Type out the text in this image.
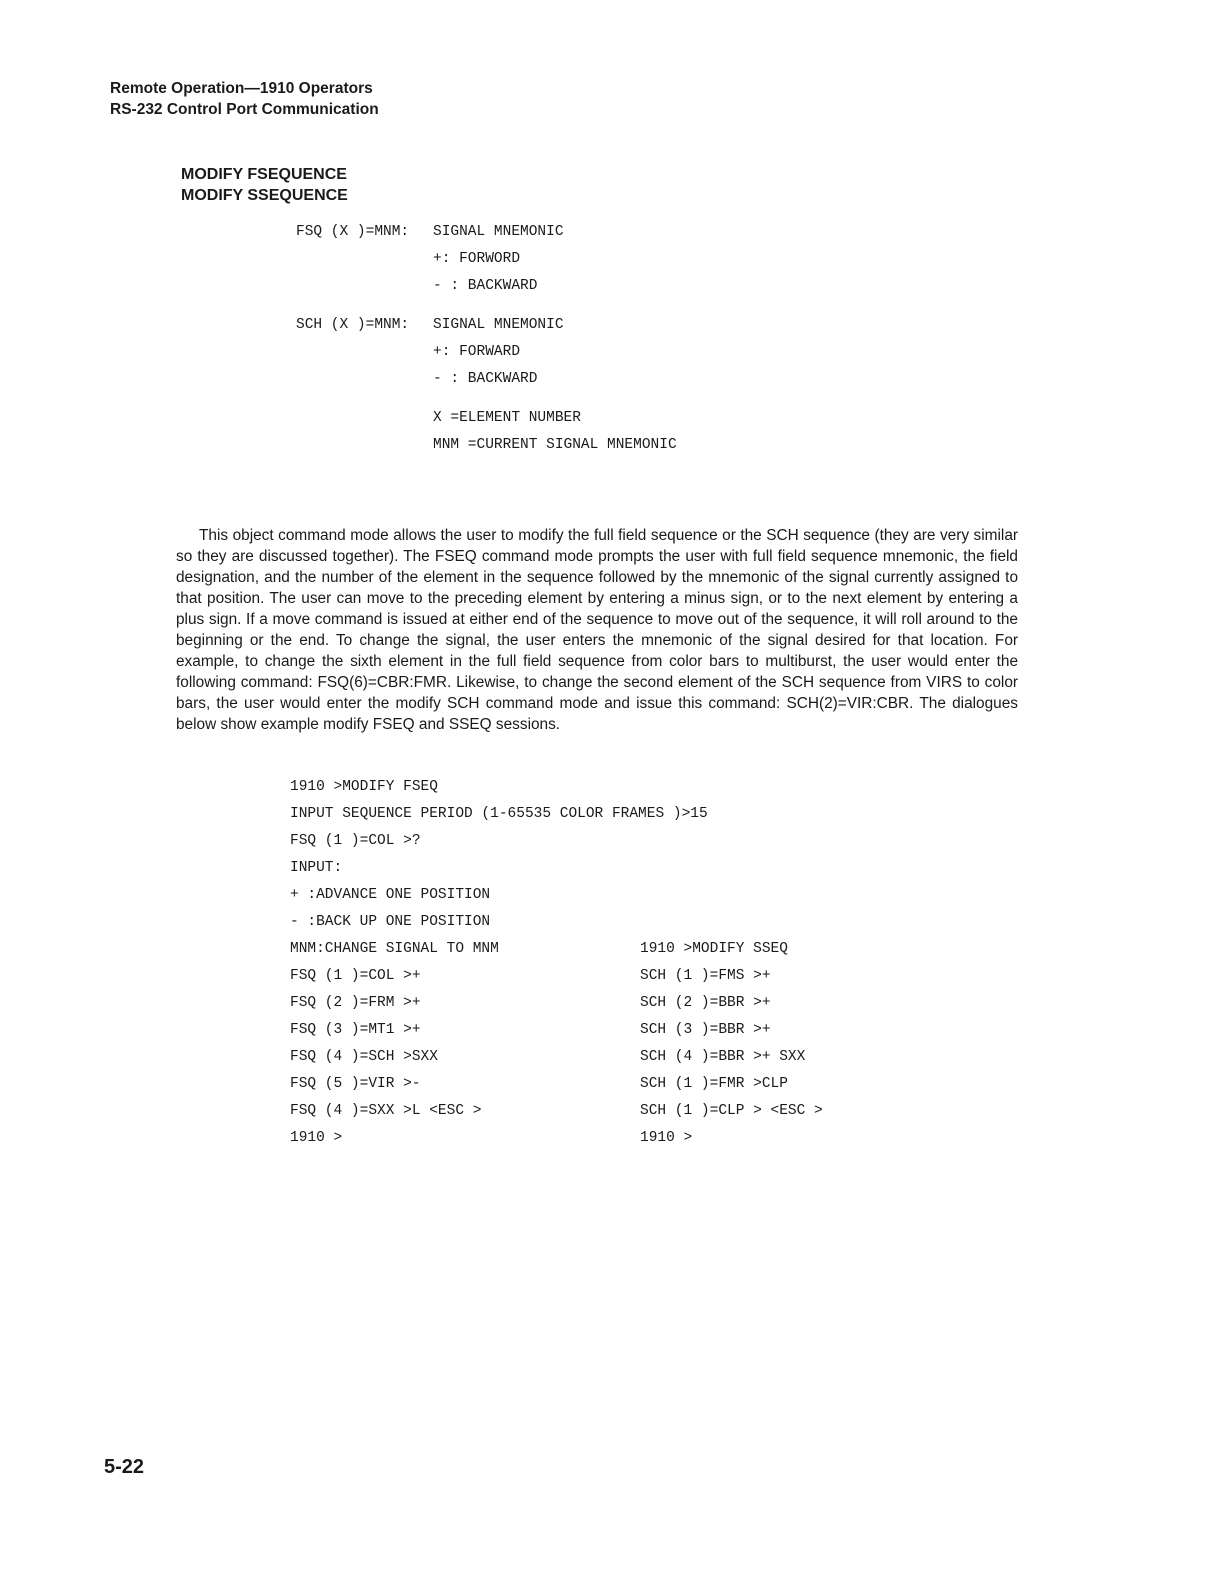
Remote Operation—1910 Operators
RS-232 Control Port Communication
MODIFY FSEQUENCE
MODIFY SSEQUENCE
FSQ (X )=MNM: SIGNAL MNEMONIC
+: FORWORD
- : BACKWARD
SCH (X )=MNM: SIGNAL MNEMONIC
+: FORWARD
- : BACKWARD
X =ELEMENT NUMBER
MNM =CURRENT SIGNAL MNEMONIC

This object command mode allows the user to modify the full field sequence or the SCH sequence (they are very similar so they are discussed together). The FSEQ command mode prompts the user with full field sequence mnemonic, the field designation, and the number of the element in the sequence followed by the mnemonic of the signal currently assigned to that position. The user can move to the preceding element by entering a minus sign, or to the next element by entering a plus sign. If a move command is issued at either end of the sequence to move out of the sequence, it will roll around to the beginning or the end. To change the signal, the user enters the mnemonic of the signal desired for that location. For example, to change the sixth element in the full field sequence from color bars to multiburst, the user would enter the following command: FSQ(6)=CBR:FMR. Likewise, to change the second element of the SCH sequence from VIRS to color bars, the user would enter the modify SCH command mode and issue this command: SCH(2)=VIR:CBR. The dialogues below show example modify FSEQ and SSEQ sessions.

1910 >MODIFY FSEQ
INPUT SEQUENCE PERIOD (1-65535 COLOR FRAMES )>15
FSQ (1 )=COL >?
INPUT:
+ :ADVANCE ONE POSITION
- :BACK UP ONE POSITION
MNM:CHANGE SIGNAL TO MNM
FSQ (1 )=COL >+
FSQ (2 )=FRM >+
FSQ (3 )=MT1 >+
FSQ (4 )=SCH >SXX
FSQ (5 )=VIR >-
FSQ (4 )=SXX >L <ESC >
1910 >
1910 >MODIFY SSEQ
SCH (1 )=FMS >+
SCH (2 )=BBR >+
SCH (3 )=BBR >+
SCH (4 )=BBR >+ SXX
SCH (1 )=FMR >CLP
SCH (1 )=CLP > <ESC >
1910 >
5-22
